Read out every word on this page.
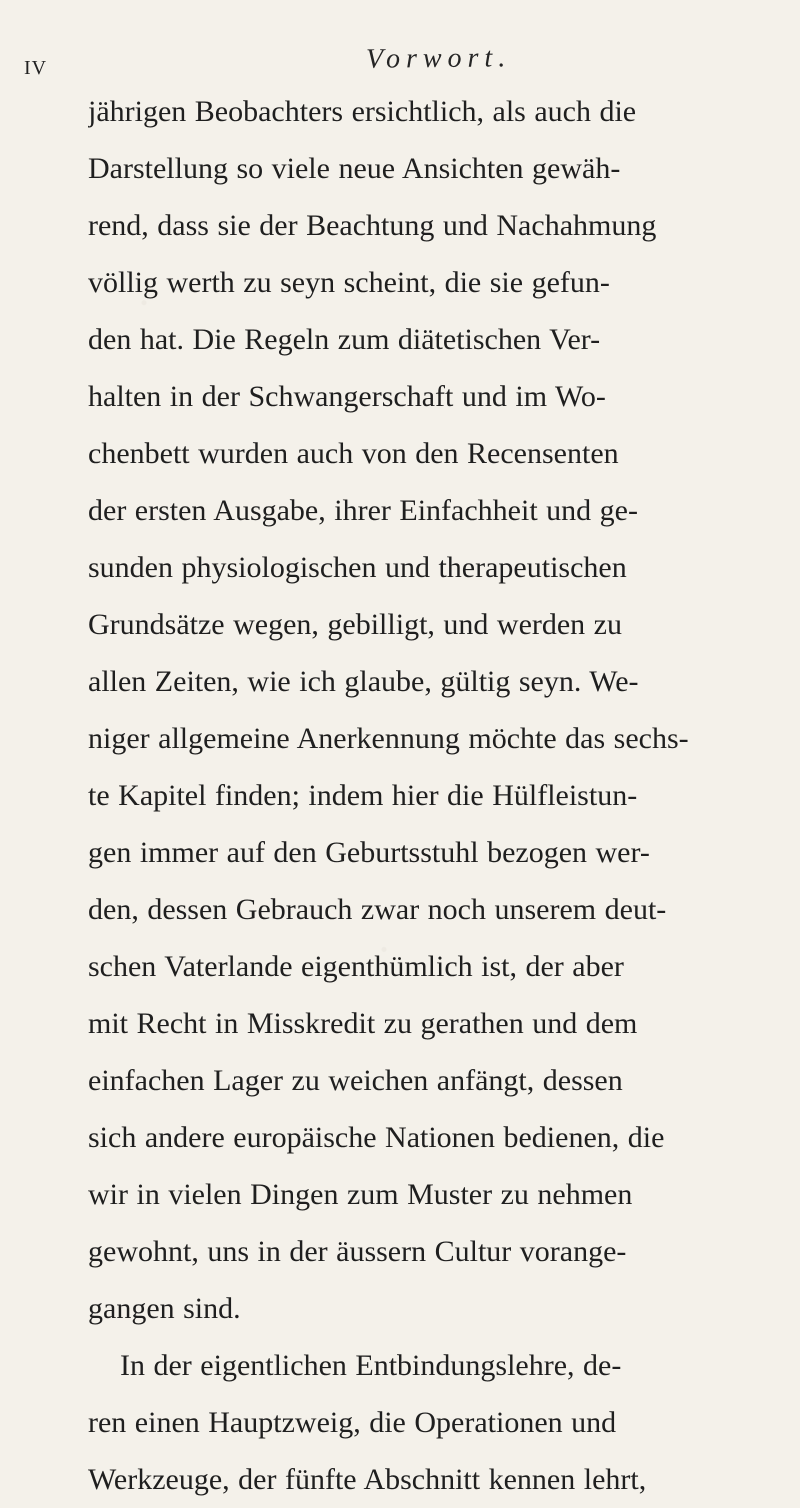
IV	Vorwort.
jährigen Beobachters ersichtlich, als auch die
Darstellung so viele neue Ansichten gewäh-
rend, dass sie der Beachtung und Nachahmung
völlig werth zu seyn scheint, die sie gefun-
den hat. Die Regeln zum diätetischen Ver-
halten in der Schwangerschaft und im Wo-
chenbett wurden auch von den Recensenten
der ersten Ausgabe, ihrer Einfachheit und ge-
sunden physiologischen und therapeutischen
Grundsätze wegen, gebilligt, und werden zu
allen Zeiten, wie ich glaube, gültig seyn. We-
niger allgemeine Anerkennung möchte das sechs-
te Kapitel finden; indem hier die Hülfleistun-
gen immer auf den Geburtsstuhl bezogen wer-
den, dessen Gebrauch zwar noch unserem deut-
schen Vaterlande eigenthümlich ist, der aber
mit Recht in Misskredit zu gerathen und dem
einfachen Lager zu weichen anfängt, dessen
sich andere europäische Nationen bedienen, die
wir in vielen Dingen zum Muster zu nehmen
gewohnt, uns in der äussern Cultur vorange-
gangen sind.
In der eigentlichen Entbindungslehre, de-
ren einen Hauptzweig, die Operationen und
Werkzeuge, der fünfte Abschnitt kennen lehrt,
